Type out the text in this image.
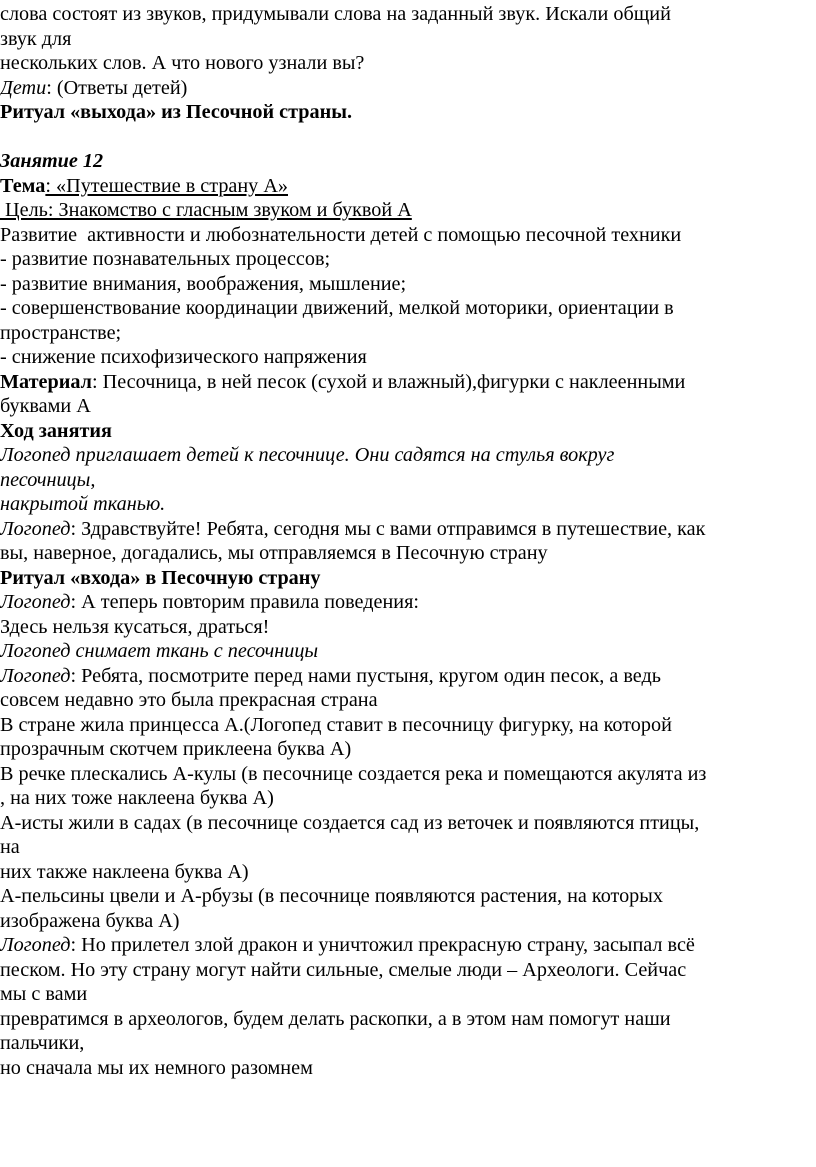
слова состоят из звуков, придумывали слова на заданный звук. Искали общий
звук для
нескольких слов. А что нового узнали вы?
Дети: (Ответы детей)
Ритуал «выхода» из Песочной страны.
Занятие 12
Тема: «Путешествие в страну А»
Цель: Знакомство с гласным звуком и буквой А
Развитие  активности и любознательности детей с помощью песочной техники
- развитие познавательных процессов;
- развитие внимания, воображения, мышление;
- совершенствование координации движений, мелкой моторики, ориентации в
пространстве;
- снижение психофизического напряжения
Материал: Песочница, в ней песок (сухой и влажный),фигурки с наклеенными
буквами А
Ход занятия
Логопед приглашает детей к песочнице. Они садятся на стулья вокруг
песочницы,
накрытой тканью.
Логопед: Здравствуйте! Ребята, сегодня мы с вами отправимся в путешествие, как
вы, наверное, догадались, мы отправляемся в Песочную страну
Ритуал «входа» в Песочную страну
Логопед: А теперь повторим правила поведения:
Здесь нельзя кусаться, драться!
Логопед снимает ткань с песочницы
Логопед: Ребята, посмотрите перед нами пустыня, кругом один песок, а ведь
совсем недавно это была прекрасная страна
В стране жила принцесса А.(Логопед ставит в песочницу фигурку, на которой
прозрачным скотчем приклеена буква А)
В речке плескались А-кулы (в песочнице создается река и помещаются акулята из
, на них тоже наклеена буква А)
А-исты жили в садах (в песочнице создается сад из веточек и появляются птицы,
на
них также наклеена буква А)
А-пельсины цвели и А-рбузы (в песочнице появляются растения, на которых
изображена буква А)
Логопед: Но прилетел злой дракон и уничтожил прекрасную страну, засыпал всё
песком. Но эту страну могут найти сильные, смелые люди – Археологи. Сейчас
мы с вами
превратимся в археологов, будем делать раскопки, а в этом нам помогут наши
пальчики,
но сначала мы их немного разомнем
